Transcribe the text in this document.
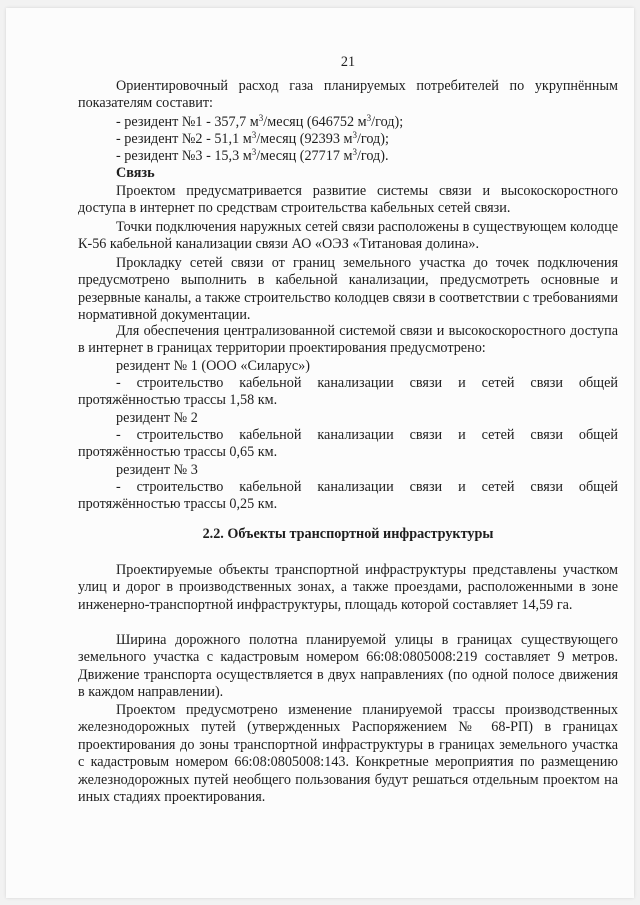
21
Ориентировочный расход газа планируемых потребителей по укрупнённым показателям составит:
- резидент №1 - 357,7 $м^3$/месяц (646752 $м^3/год$);
- резидент №2 - 51,1 $м^3$/месяц (92393 $м^3/год$);
- резидент №3 - 15,3 $м^3$/месяц (27717 $м^3/год$).
Связь
Проектом предусматривается развитие системы связи и высокоскоростного доступа в интернет по средствам строительства кабельных сетей связи.
Точки подключения наружных сетей связи расположены в существующем колодце К-56 кабельной канализации связи АО «ОЭЗ «Титановая долина».
Прокладку сетей связи от границ земельного участка до точек подключения предусмотрено выполнить в кабельной канализации, предусмотреть основные и резервные каналы, а также строительство колодцев связи в соответствии с требованиями нормативной документации.
Для обеспечения централизованной системой связи и высокоскоростного доступа в интернет в границах территории проектирования предусмотрено:
резидент № 1 (ООО «Силарус»)
- строительство кабельной канализации связи и сетей связи общей протяжённостью трассы 1,58 км.
резидент № 2
- строительство кабельной канализации связи и сетей связи общей протяжённостью трассы 0,65 км.
резидент № 3
- строительство кабельной канализации связи и сетей связи общей протяжённостью трассы 0,25 км.
2.2. Объекты транспортной инфраструктуры
Проектируемые объекты транспортной инфраструктуры представлены участком улиц и дорог в производственных зонах, а также проездами, расположенными в зоне инженерно-транспортной инфраструктуры, площадь которой составляет 14,59 га.
Ширина дорожного полотна планируемой улицы в границах существующего земельного участка с кадастровым номером 66:08:0805008:219 составляет 9 метров. Движение транспорта осуществляется в двух направлениях (по одной полосе движения в каждом направлении).
Проектом предусмотрено изменение планируемой трассы производственных железнодорожных путей (утвержденных Распоряжением № 68-РП) в границах проектирования до зоны транспортной инфраструктуры в границах земельного участка с кадастровым номером 66:08:0805008:143. Конкретные мероприятия по размещению железнодорожных путей необщего пользования будут решаться отдельным проектом на иных стадиях проектирования.
